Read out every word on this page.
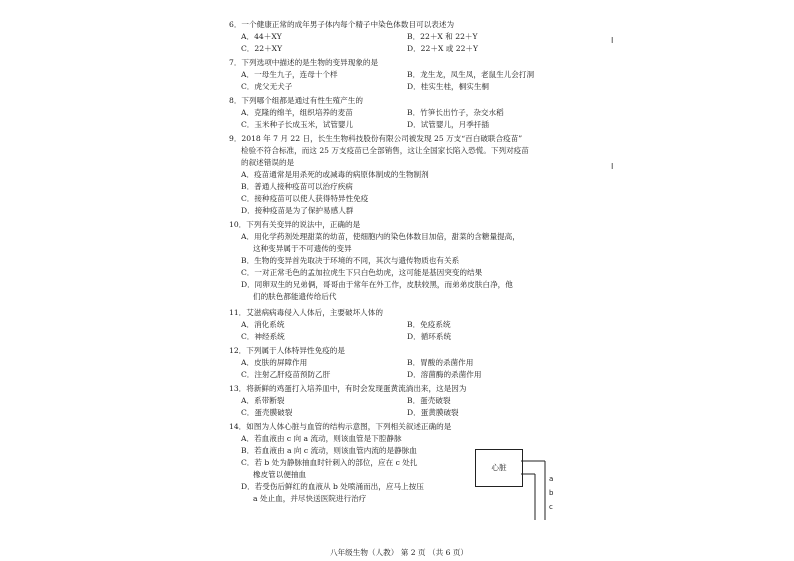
6．一个健康正常的成年男子体内每个精子中染色体数目可以表述为
A．44＋XY	B．22＋X 和 22＋Y
C．22＋XY	D．22＋X 或 22＋Y
7．下列选项中描述的是生物的变异现象的是
A．一母生九子，连母十个样	B．龙生龙，凤生凤，老鼠生儿会打洞
C．虎父无犬子	D．桂实生桂，桐实生桐
8．下列哪个组都是通过有性生殖产生的
A．克隆的绵羊，组织培养的麦苗	B．竹笋长出竹子，杂交水稻
C．玉米种子长成玉米，试管婴儿	D．试管婴儿，月季扦插
9．2018 年 7 月 22 日，长生生物科技股份有限公司被发现 25 万支“百白破联合疫苗”
检验不符合标准，而这 25 万支疫苗已全部销售，这让全国家长陷入恐慌。下列对疫苗
的叙述错误的是
A．疫苗通常是用杀死的或减毒的病原体制成的生物制剂
B．普通人接种疫苗可以治疗疾病
C．接种疫苗可以使人获得特异性免疫
D．接种疫苗是为了保护易感人群
10．下列有关变异的说法中，正确的是
A．用化学药剂处理甜菜的幼苗，使细胞内的染色体数目加倍，甜菜的含糖量提高，
这种变异属于不可遗传的变异
B．生物的变异首先取决于环境的不同，其次与遗传物质也有关系
C．一对正常毛色的孟加拉虎生下只白色幼虎，这可能是基因突变的结果
D．同卵双生的兄弟俩，哥哥由于常年在外工作，皮肤较黑，而弟弟皮肤白净，他
们的肤色都能遗传给后代
11．艾滋病病毒侵入人体后，主要破坏人体的
A．消化系统	B．免疫系统
C．神经系统	D．循环系统
12．下列属于人体特异性免疫的是
A．皮肤的屏障作用	B．胃酸的杀菌作用
C．注射乙肝疫苗预防乙肝	D．溶菌酶的杀菌作用
13．将新鲜的鸡蛋打入培养皿中，有时会发现蛋黄流淌出来，这是因为
A．系带断裂	B．蛋壳破裂
C．蛋壳膜破裂	D．蛋黄膜破裂
14．如图为人体心脏与血管的结构示意图，下列相关叙述正确的是
A．若血液由 c 向 a 流动，则该血管是下腔静脉
B．若血液由 a 向 c 流动，则该血管内流的是静脉血
C．若 b 处为静脉抽血时针刺入的部位，应在 c 处扎
橡皮管以便抽血
D．若受伤后鲜红的血液从 b 处喷涌而出，应马上按压
a 处止血，并尽快送医院进行治疗
心脏
a
b
c
八年级生物（人教） 第 2 页 （共 6 页）
I
I
